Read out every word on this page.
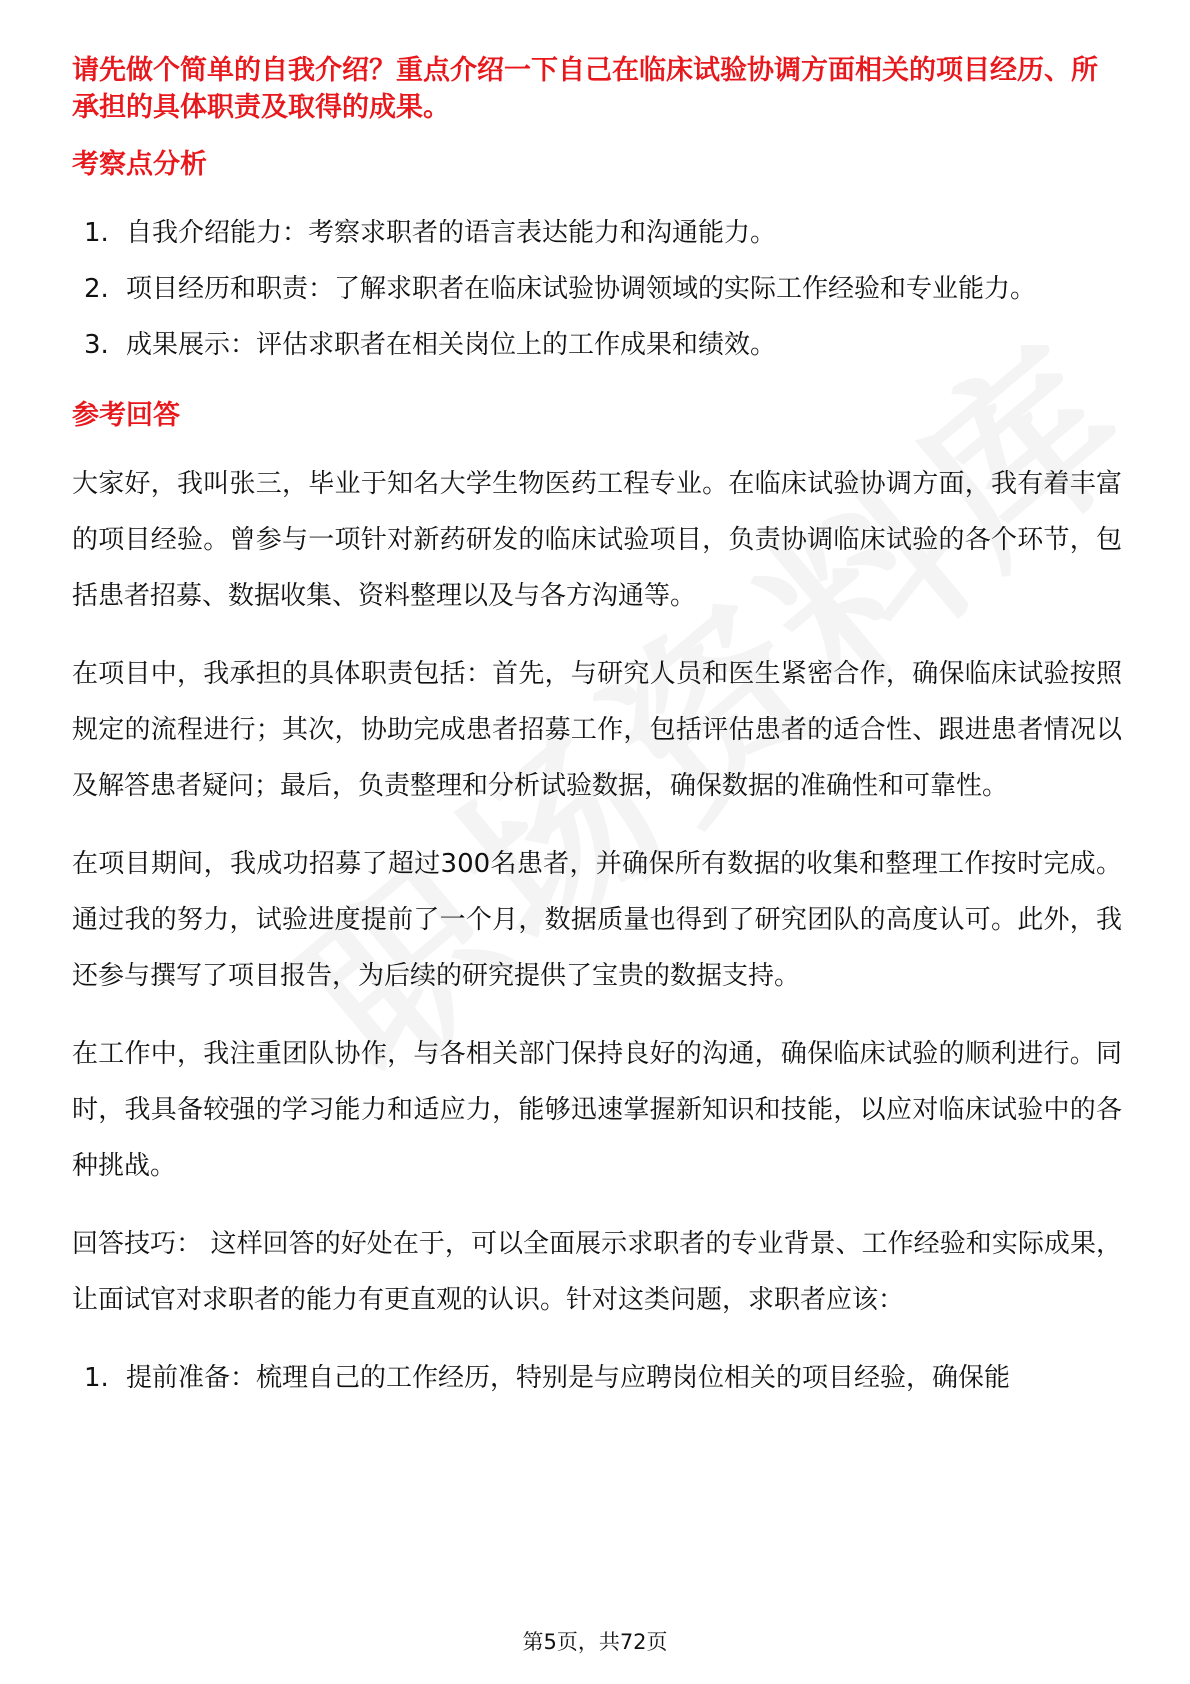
请先做个简单的自我介绍？重点介绍一下自己在临床试验协调方面相关的项目经历、所承担的具体职责及取得的成果。
考察点分析
1. 自我介绍能力：考察求职者的语言表达能力和沟通能力。
2. 项目经历和职责：了解求职者在临床试验协调领域的实际工作经验和专业能力。
3. 成果展示：评估求职者在相关岗位上的工作成果和绩效。
参考回答

大家好，我叫张三，毕业于知名大学生物医药工程专业。在临床试验协调方面，我有着丰富的项目经验。曾参与一项针对新药研发的临床试验项目，负责协调临床试验的各个环节，包括患者招募、数据收集、资料整理以及与各方沟通等。

在项目中，我承担的具体职责包括：首先，与研究人员和医生紧密合作，确保临床试验按照规定的流程进行；其次，协助完成患者招募工作，包括评估患者的适合性、跟进患者情况以及解答患者疑问；最后，负责整理和分析试验数据，确保数据的准确性和可靠性。

在项目期间，我成功招募了超过300名患者，并确保所有数据的收集和整理工作按时完成。通过我的努力，试验进度提前了一个月，数据质量也得到了研究团队的高度认可。此外，我还参与撰写了项目报告，为后续的研究提供了宝贵的数据支持。

在工作中，我注重团队协作，与各相关部门保持良好的沟通，确保临床试验的顺利进行。同时，我具备较强的学习能力和适应力，能够迅速掌握新知识和技能，以应对临床试验中的各种挑战。

回答技巧： 这样回答的好处在于，可以全面展示求职者的专业背景、工作经验和实际成果，让面试官对求职者的能力有更直观的认识。针对这类问题，求职者应该：

1. 提前准备：梳理自己的工作经历，特别是与应聘岗位相关的项目经验，确保能
第5页，共72页
